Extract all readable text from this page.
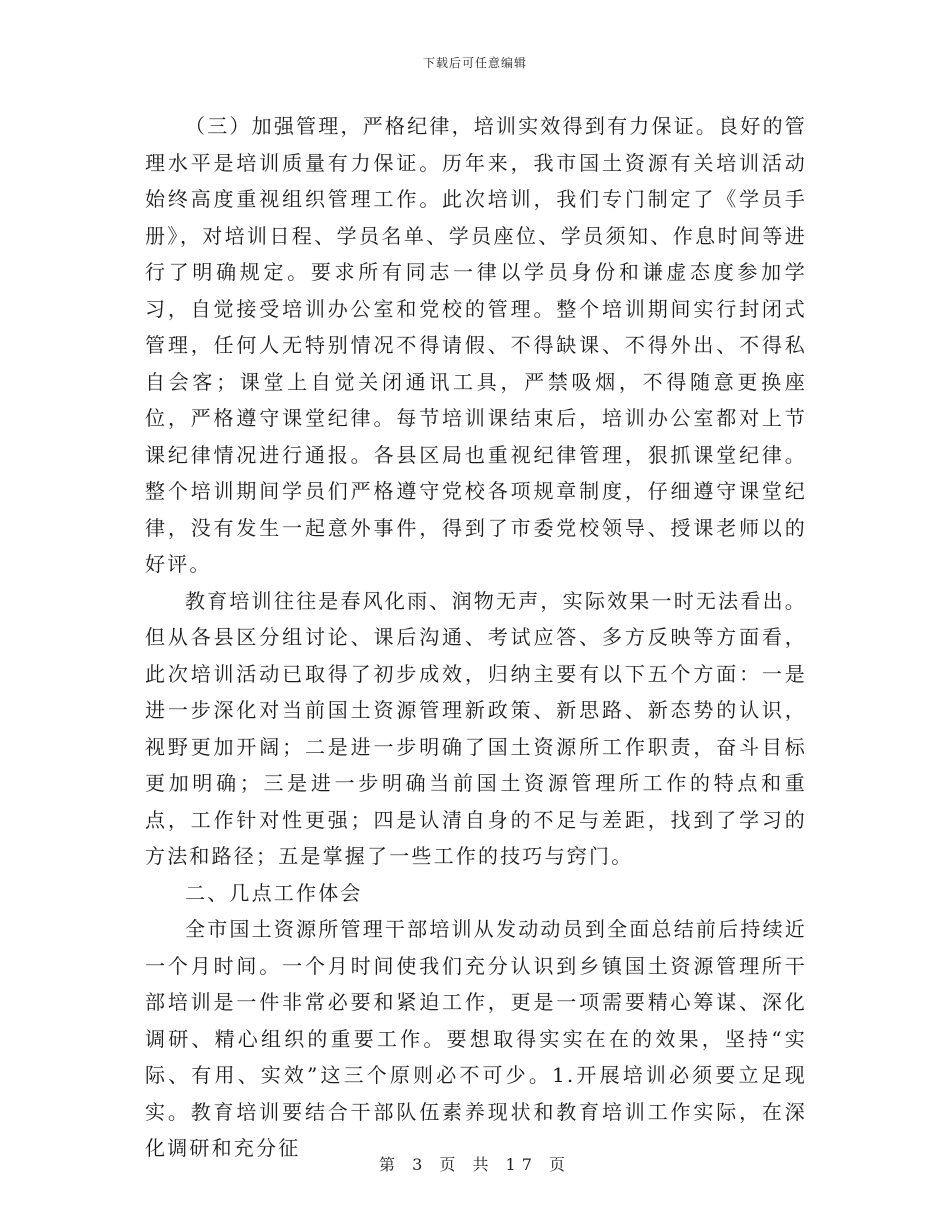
下载后可任意编辑

（三）加强管理，严格纪律，培训实效得到有力保证。良好的管理水平是培训质量有力保证。历年来，我市国土资源有关培训活动始终高度重视组织管理工作。此次培训，我们专门制定了《学员手册》，对培训日程、学员名单、学员座位、学员须知、作息时间等进行了明确规定。要求所有同志一律以学员身份和谦虚态度参加学习，自觉接受培训办公室和党校的管理。整个培训期间实行封闭式管理，任何人无特别情况不得请假、不得缺课、不得外出、不得私自会客；课堂上自觉关闭通讯工具，严禁吸烟，不得随意更换座位，严格遵守课堂纪律。每节培训课结束后，培训办公室都对上节课纪律情况进行通报。各县区局也重视纪律管理，狠抓课堂纪律。整个培训期间学员们严格遵守党校各项规章制度，仔细遵守课堂纪律，没有发生一起意外事件，得到了市委党校领导、授课老师以的好评。

教育培训往往是春风化雨、润物无声，实际效果一时无法看出。但从各县区分组讨论、课后沟通、考试应答、多方反映等方面看，此次培训活动已取得了初步成效，归纳主要有以下五个方面：一是进一步深化对当前国土资源管理新政策、新思路、新态势的认识，视野更加开阔；二是进一步明确了国土资源所工作职责，奋斗目标更加明确；三是进一步明确当前国土资源管理所工作的特点和重点，工作针对性更强；四是认清自身的不足与差距，找到了学习的方法和路径；五是掌握了一些工作的技巧与窍门。

二、几点工作体会

全市国土资源所管理干部培训从发动动员到全面总结前后持续近一个月时间。一个月时间使我们充分认识到乡镇国土资源管理所干部培训是一件非常必要和紧迫工作，更是一项需要精心筹谋、深化调研、精心组织的重要工作。要想取得实实在在的效果，坚持“实际、有用、实效”这三个原则必不可少。1.开展培训必须要立足现实。教育培训要结合干部队伍素养现状和教育培训工作实际，在深化调研和充分征

第 3 页 共 17 页
